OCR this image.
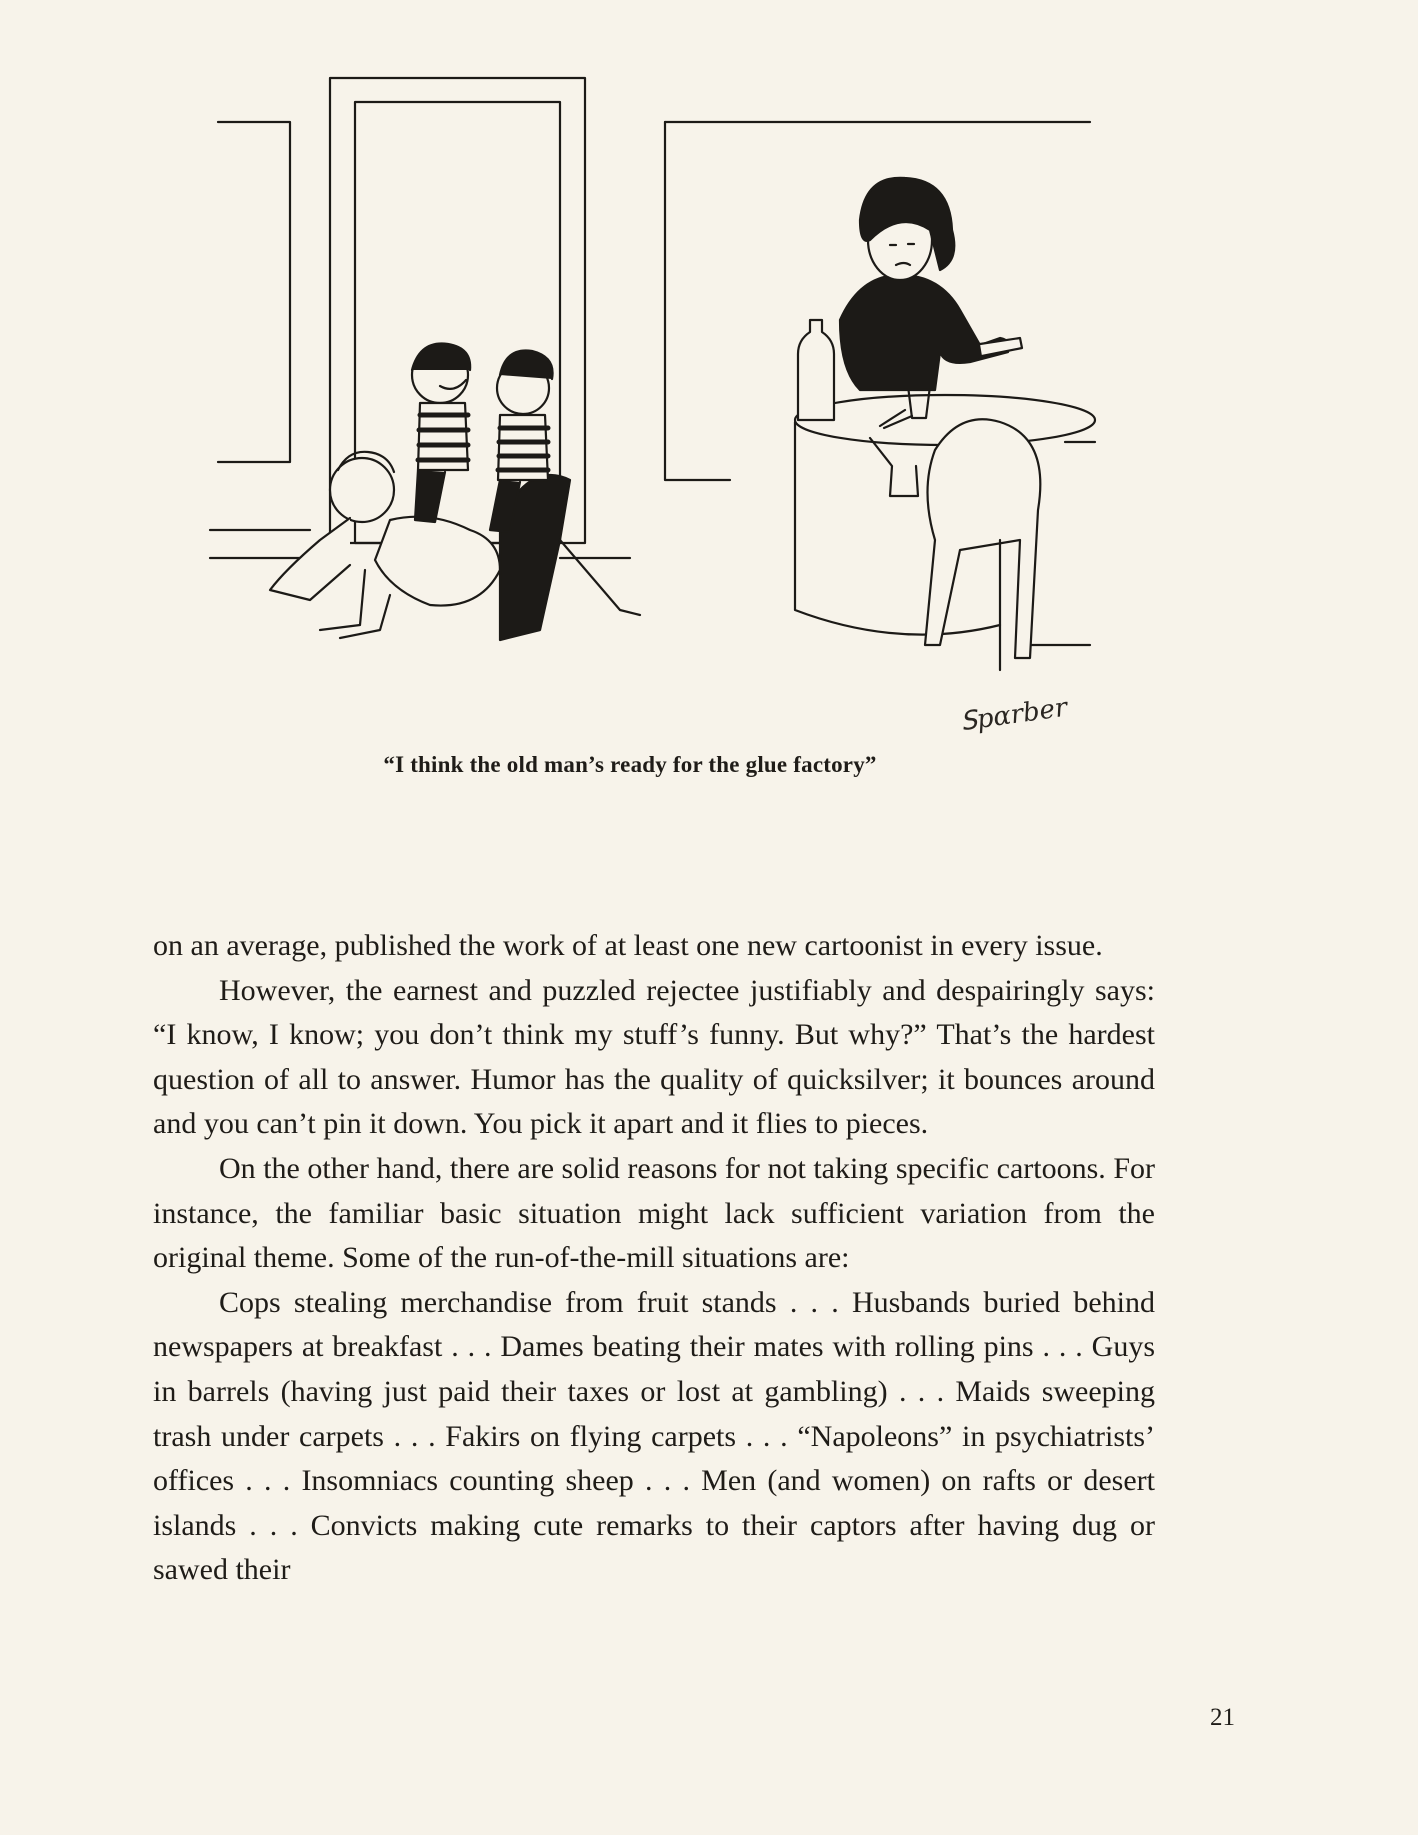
ꓢpɑrber
“I think the old man’s ready for the glue factory”

on an average, published the work of at least one new cartoonist in every issue.

However, the earnest and puzzled rejectee justifiably and despairingly says: “I know, I know; you don’t think my stuff’s funny. But why?” That’s the hardest question of all to answer. Humor has the quality of quicksilver; it bounces around and you can’t pin it down. You pick it apart and it flies to pieces.

On the other hand, there are solid reasons for not taking specific cartoons. For instance, the familiar basic situation might lack sufficient variation from the original theme. Some of the run-of-the-mill situations are:

Cops stealing merchandise from fruit stands . . . Husbands buried behind newspapers at breakfast . . . Dames beating their mates with rolling pins . . . Guys in barrels (having just paid their taxes or lost at gambling) . . . Maids sweeping trash under carpets . . . Fakirs on flying carpets . . . “Napoleons” in psychiatrists’ offices . . . Insomniacs counting sheep . . . Men (and women) on rafts or desert islands . . . Convicts making cute remarks to their captors after having dug or sawed their

21
